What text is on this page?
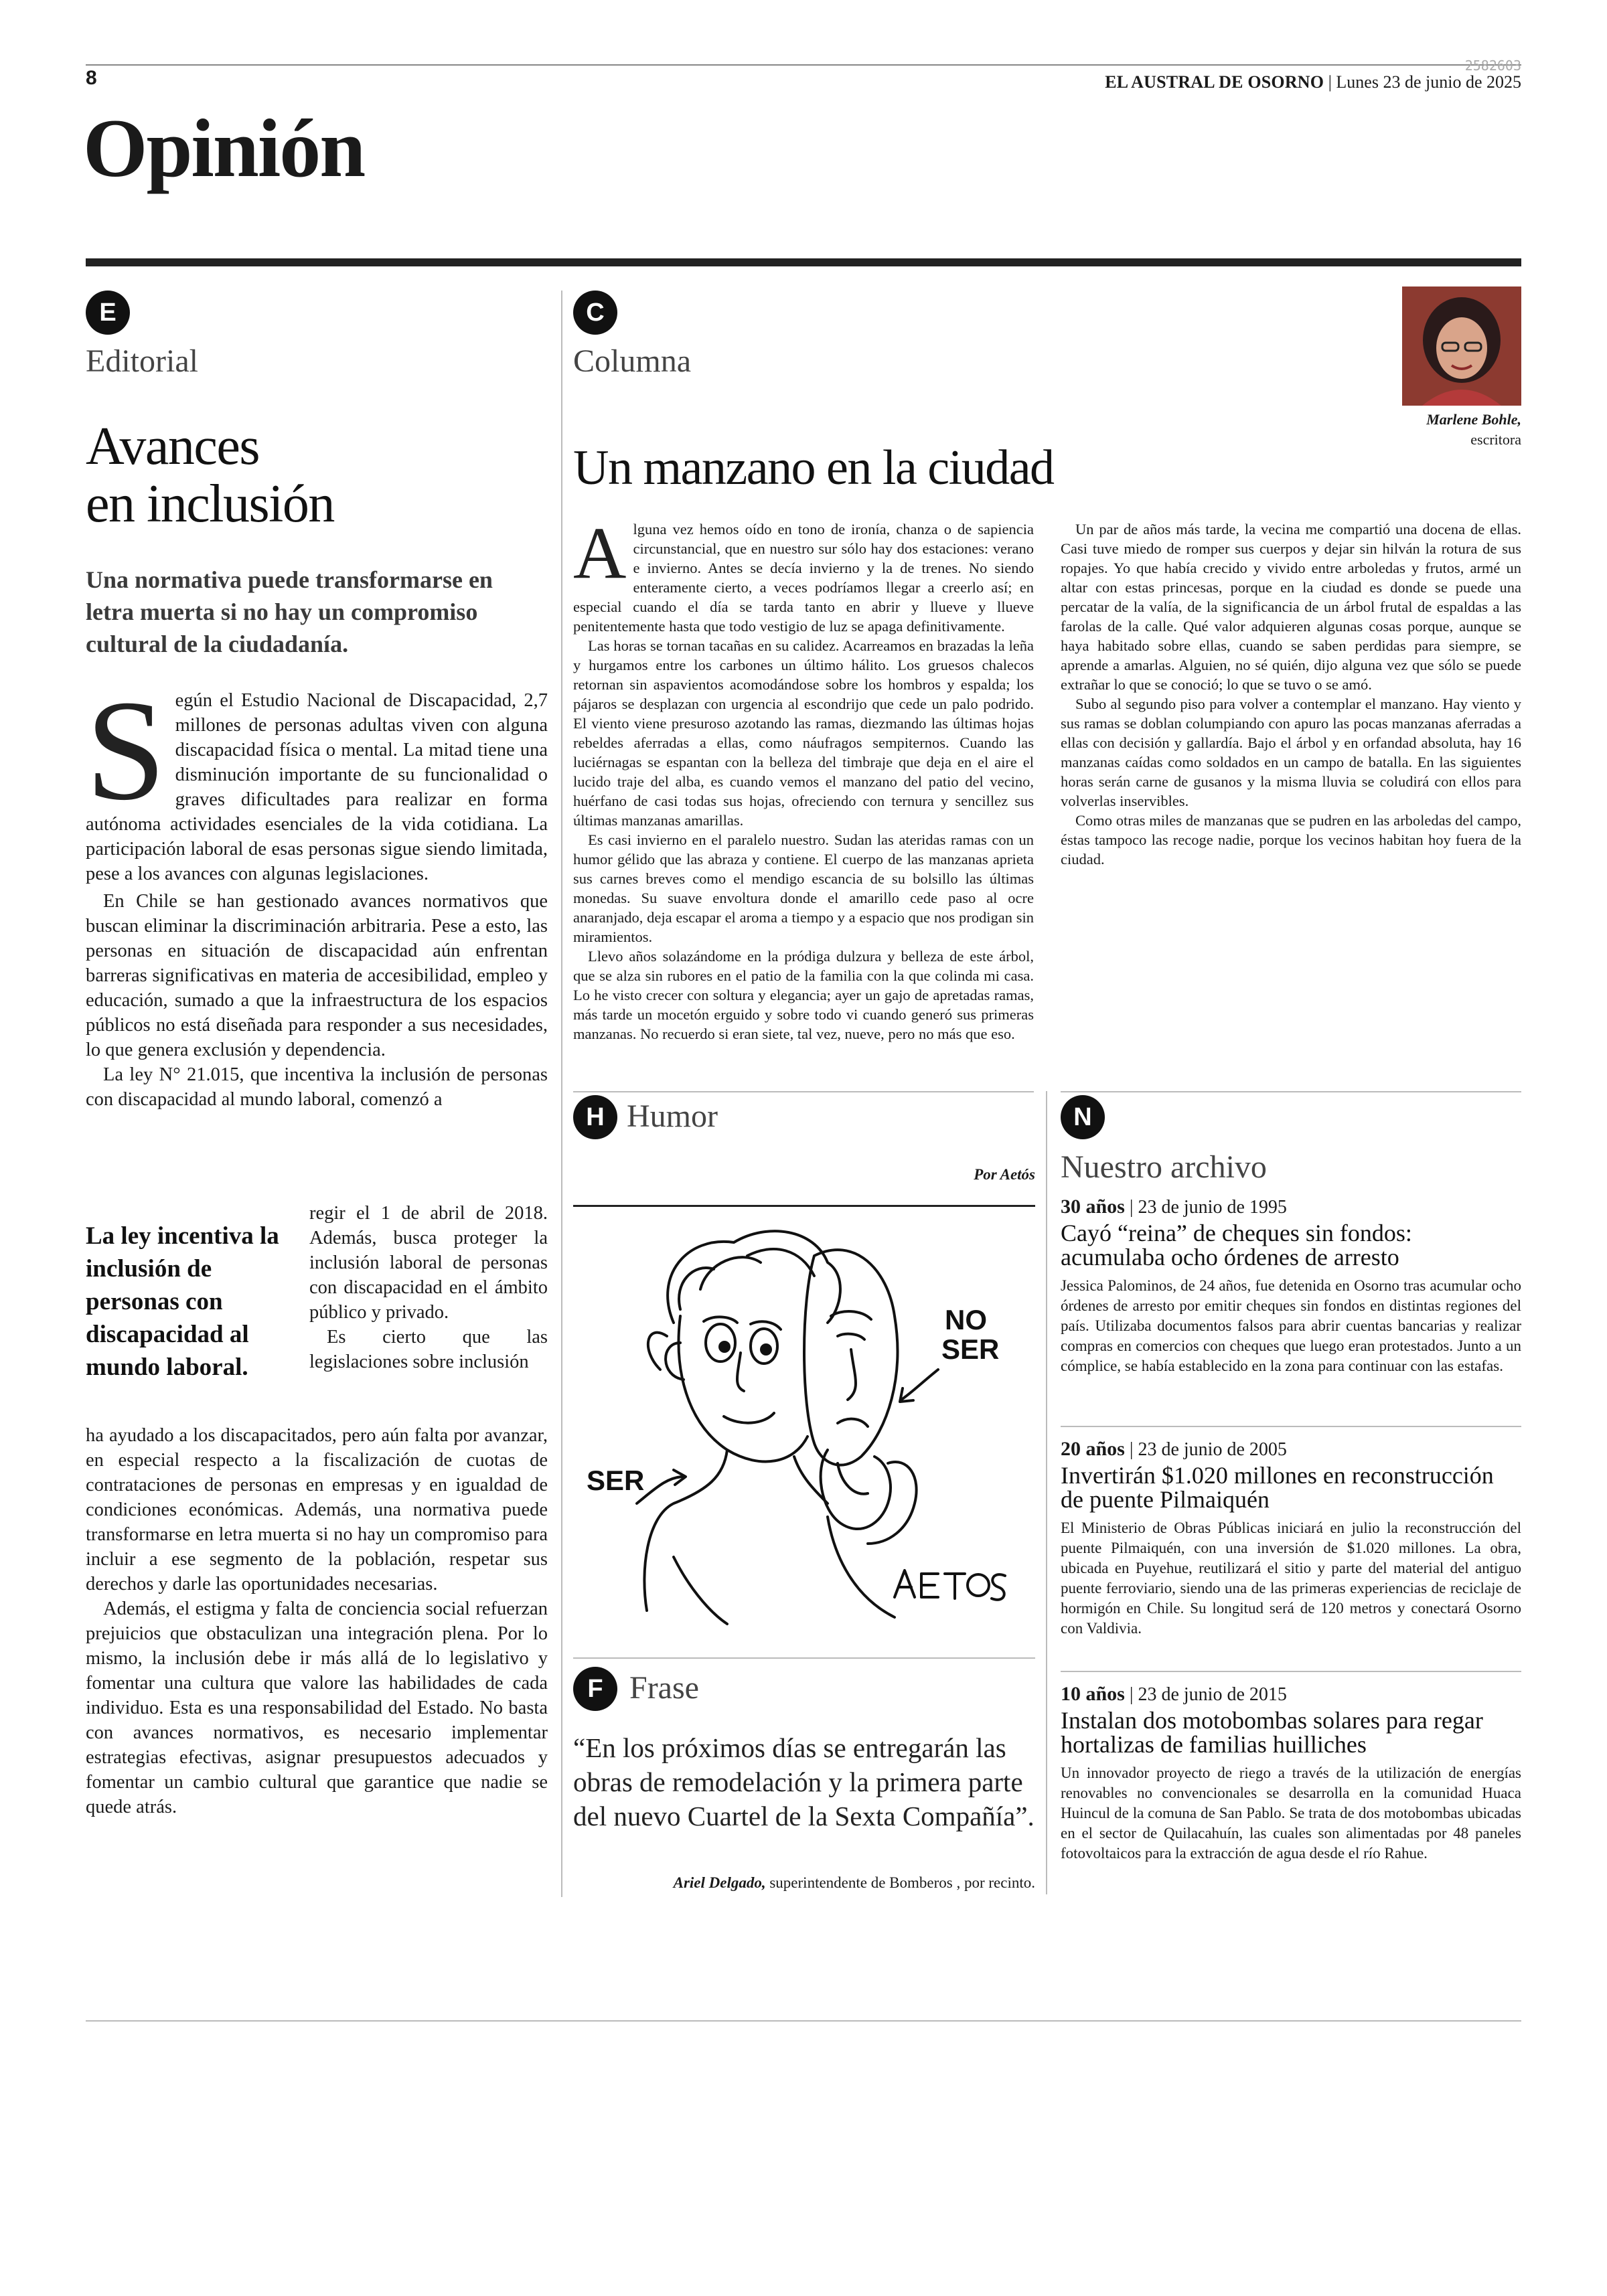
8
2582603
EL AUSTRAL DE OSORNO | Lunes 23 de junio de 2025
Opinión
E
Editorial
Avances
en inclusión
Una normativa puede transformarse en letra muerta si no hay un compromiso cultural de la ciudadanía.

Según el Estudio Nacional de Discapacidad, 2,7 millones de personas adultas viven con alguna discapacidad física o mental. La mitad tiene una disminución importante de su funcionalidad o graves dificultades para realizar en forma autónoma actividades esenciales de la vida cotidiana. La participación laboral de esas personas sigue siendo limitada, pese a los avances con algunas legislaciones.

En Chile se han gestionado avances normativos que buscan eliminar la discriminación arbitraria. Pese a esto, las personas en situación de discapacidad aún enfrentan barreras significativas en materia de accesibilidad, empleo y educación, sumado a que la infraestructura de los espacios públicos no está diseñada para responder a sus necesidades, lo que genera exclusión y dependencia.

La ley N° 21.015, que incentiva la inclusión de personas con discapacidad al mundo laboral, comenzó a

La ley incentiva la inclusión de personas con discapacidad al mundo laboral.

regir el 1 de abril de 2018. Además, busca proteger la inclusión laboral de personas con discapacidad en el ámbito público y privado.

Es cierto que las legislaciones sobre inclusión

ha ayudado a los discapacitados, pero aún falta por avanzar, en especial respecto a la fiscalización de cuotas de contrataciones de personas en empresas y en igualdad de condiciones económicas. Además, una normativa puede transformarse en letra muerta si no hay un compromiso para incluir a ese segmento de la población, respetar sus derechos y darle las oportunidades necesarias.

Además, el estigma y falta de conciencia social refuerzan prejuicios que obstaculizan una integración plena. Por lo mismo, la inclusión debe ir más allá de lo legislativo y fomentar una cultura que valore las habilidades de cada individuo. Esta es una responsabilidad del Estado. No basta con avances normativos, es necesario implementar estrategias efectivas, asignar presupuestos adecuados y fomentar un cambio cultural que garantice que nadie se quede atrás.

C
Columna
Marlene Bohle,
escritora
Un manzano en la ciudad

Alguna vez hemos oído en tono de ironía, chanza o de sapiencia circunstancial, que en nuestro sur sólo hay dos estaciones: verano e invierno. Antes se decía invierno y la de trenes. No siendo enteramente cierto, a veces podríamos llegar a creerlo así; en especial cuando el día se tarda tanto en abrir y llueve y llueve penitentemente hasta que todo vestigio de luz se apaga definitivamente.

Las horas se tornan tacañas en su calidez. Acarreamos en brazadas la leña y hurgamos entre los carbones un último hálito. Los gruesos chalecos retornan sin aspavientos acomodándose sobre los hombros y espalda; los pájaros se desplazan con urgencia al escondrijo que cede un palo podrido. El viento viene presuroso azotando las ramas, diezmando las últimas hojas rebeldes aferradas a ellas, como náufragos sempiternos. Cuando las luciérnagas se espantan con la belleza del timbraje que deja en el aire el lucido traje del alba, es cuando vemos el manzano del patio del vecino, huérfano de casi todas sus hojas, ofreciendo con ternura y sencillez sus últimas manzanas amarillas.

Es casi invierno en el paralelo nuestro. Sudan las ateridas ramas con un humor gélido que las abraza y contiene. El cuerpo de las manzanas aprieta sus carnes breves como el mendigo escancia de su bolsillo las últimas monedas. Su suave envoltura donde el amarillo cede paso al ocre anaranjado, deja escapar el aroma a tiempo y a espacio que nos prodigan sin miramientos.

Llevo años solazándome en la pródiga dulzura y belleza de este árbol, que se alza sin rubores en el patio de la familia con la que colinda mi casa. Lo he visto crecer con soltura y elegancia; ayer un gajo de apretadas ramas, más tarde un mocetón erguido y sobre todo vi cuando generó sus primeras manzanas. No recuerdo si eran siete, tal vez, nueve, pero no más que eso.

Un par de años más tarde, la vecina me compartió una docena de ellas. Casi tuve miedo de romper sus cuerpos y dejar sin hilván la rotura de sus ropajes. Yo que había crecido y vivido entre arboledas y frutos, armé un altar con estas princesas, porque en la ciudad es donde se puede una percatar de la valía, de la significancia de un árbol frutal de espaldas a las farolas de la calle. Qué valor adquieren algunas cosas porque, aunque se haya habitado sobre ellas, cuando se saben perdidas para siempre, se aprende a amarlas. Alguien, no sé quién, dijo alguna vez que sólo se puede extrañar lo que se conoció; lo que se tuvo o se amó.

Subo al segundo piso para volver a contemplar el manzano. Hay viento y sus ramas se doblan columpiando con apuro las pocas manzanas aferradas a ellas con decisión y gallardía. Bajo el árbol y en orfandad absoluta, hay 16 manzanas caídas como soldados en un campo de batalla. En las siguientes horas serán carne de gusanos y la misma lluvia se coludirá con ellos para volverlas inservibles.

Como otras miles de manzanas que se pudren en las arboledas del campo, éstas tampoco las recoge nadie, porque los vecinos habitan hoy fuera de la ciudad.

H Humor
Por Aetós
SER
NO
SER
F Frase
“En los próximos días se entregarán las obras de remodelación y la primera parte del nuevo Cuartel de la Sexta Compañía”.
Ariel Delgado, superintendente de Bomberos , por recinto.
N
Nuestro archivo
30 años | 23 de junio de 1995
Cayó “reina” de cheques sin fondos: acumulaba ocho órdenes de arresto
Jessica Palominos, de 24 años, fue detenida en Osorno tras acumular ocho órdenes de arresto por emitir cheques sin fondos en distintas regiones del país. Utilizaba documentos falsos para abrir cuentas bancarias y realizar compras en comercios con cheques que luego eran protestados. Junto a un cómplice, se había establecido en la zona para continuar con las estafas.
20 años | 23 de junio de 2005
Invertirán $1.020 millones en reconstrucción de puente Pilmaiquén
El Ministerio de Obras Públicas iniciará en julio la reconstrucción del puente Pilmaiquén, con una inversión de $1.020 millones. La obra, ubicada en Puyehue, reutilizará el sitio y parte del material del antiguo puente ferroviario, siendo una de las primeras experiencias de reciclaje de hormigón en Chile. Su longitud será de 120 metros y conectará Osorno con Valdivia.
10 años | 23 de junio de 2015
Instalan dos motobombas solares para regar hortalizas de familias huilliches
Un innovador proyecto de riego a través de la utilización de energías renovables no convencionales se desarrolla en la comunidad Huaca Huincul de la comuna de San Pablo. Se trata de dos motobombas ubicadas en el sector de Quilacahuín, las cuales son alimentadas por 48 paneles fotovoltaicos para la extracción de agua desde el río Rahue.
